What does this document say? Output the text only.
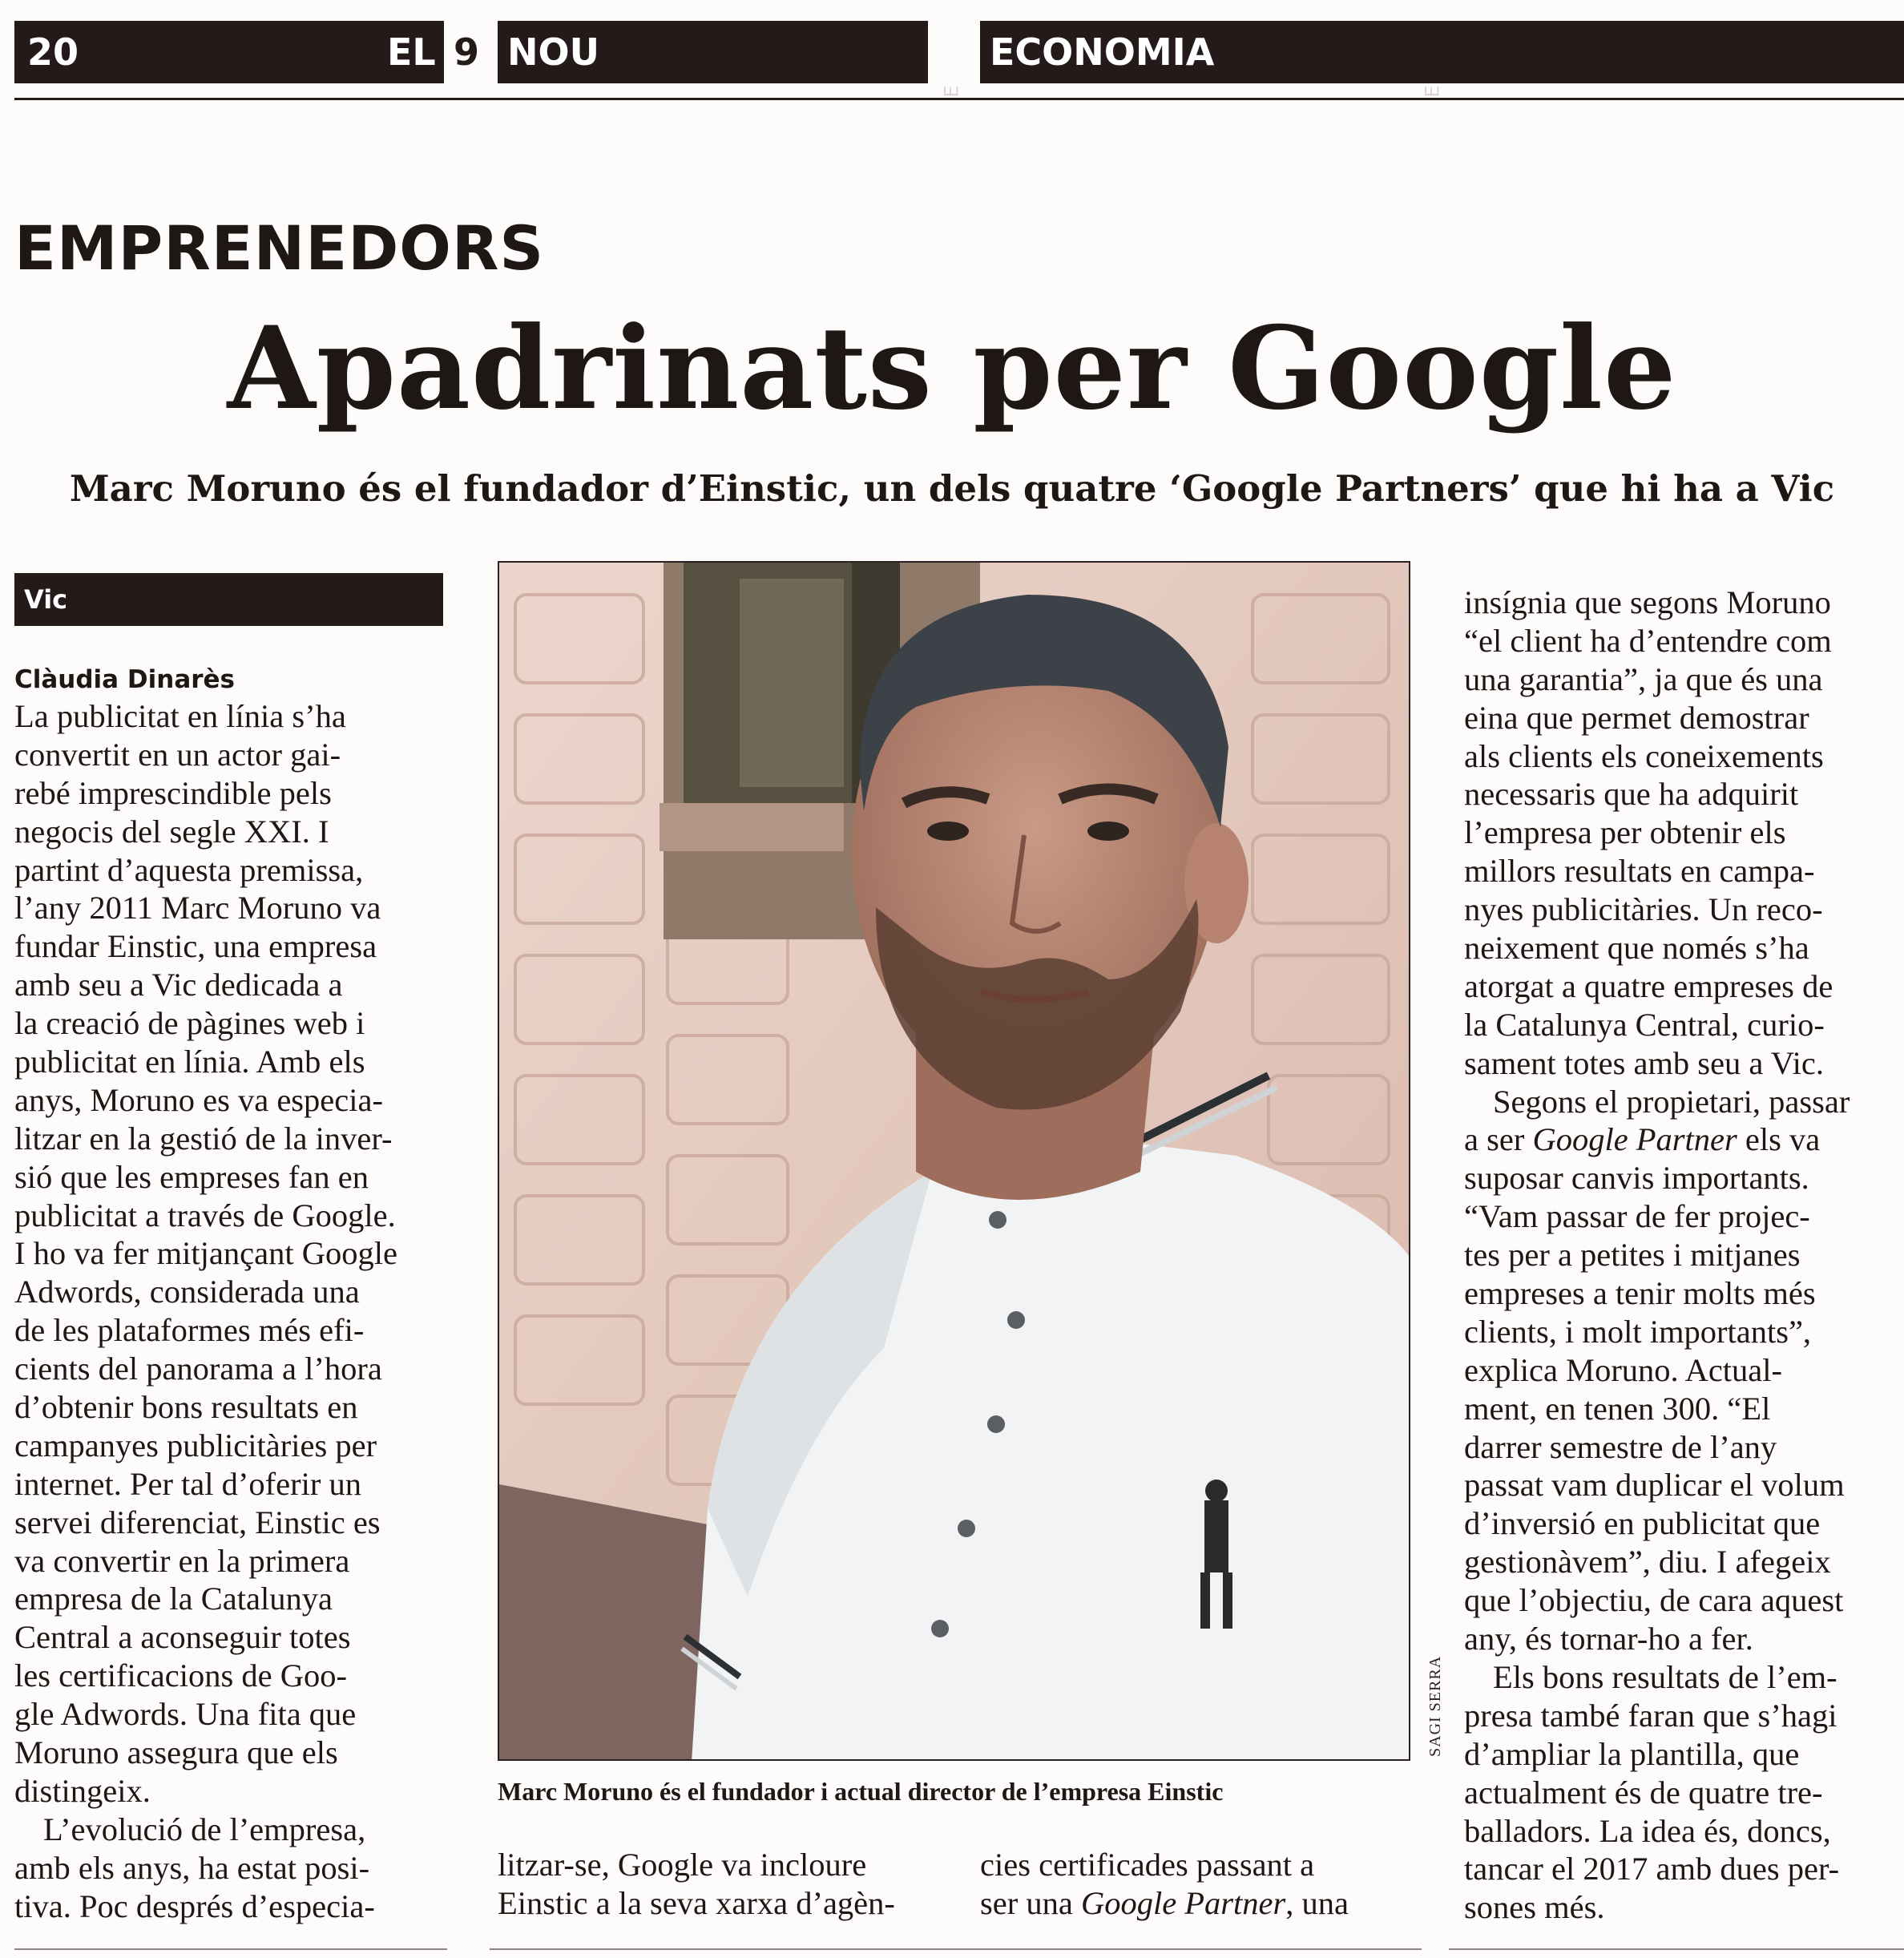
20	EL 9 NOU	ECONOMIA
E	E
EMPRENEDORS
Apadrinats per Google
Marc Moruno és el fundador d’Einstic, un dels quatre ‘Google Partners’ que hi ha a Vic
Vic
Clàudia Dinarès
La publicitat en línia s’ha
convertit en un actor gai-
rebé imprescindible pels
negocis del segle XXI. I
partint d’aquesta premissa,
l’any 2011 Marc Moruno va
fundar Einstic, una empresa
amb seu a Vic dedicada a
la creació de pàgines web i
publicitat en línia. Amb els
anys, Moruno es va especia-
litzar en la gestió de la inver-
sió que les empreses fan en
publicitat a través de Google.
I ho va fer mitjançant Google
Adwords, considerada una
de les plataformes més efi-
cients del panorama a l’hora
d’obtenir bons resultats en
campanyes publicitàries per
internet. Per tal d’oferir un
servei diferenciat, Einstic es
va convertir en la primera
empresa de la Catalunya
Central a aconseguir totes
les certificacions de Goo-
gle Adwords. Una fita que
Moruno assegura que els
distingeix.
L’evolució de l’empresa,
amb els anys, ha estat posi-
tiva. Poc després d’especia-
SAGI SERRA
Marc Moruno és el fundador i actual director de l’empresa Einstic
litzar-se, Google va incloure
Einstic a la seva xarxa d’agèn-
cies certificades passant a
ser una Google Partner, una
insígnia que segons Moruno
“el client ha d’entendre com
una garantia”, ja que és una
eina que permet demostrar
als clients els coneixements
necessaris que ha adquirit
l’empresa per obtenir els
millors resultats en campa-
nyes publicitàries. Un reco-
neixement que només s’ha
atorgat a quatre empreses de
la Catalunya Central, curio-
sament totes amb seu a Vic.
Segons el propietari, passar
a ser Google Partner els va
suposar canvis importants.
“Vam passar de fer projec-
tes per a petites i mitjanes
empreses a tenir molts més
clients, i molt importants”,
explica Moruno. Actual-
ment, en tenen 300. “El
darrer semestre de l’any
passat vam duplicar el volum
d’inversió en publicitat que
gestionàvem”, diu. I afegeix
que l’objectiu, de cara aquest
any, és tornar-ho a fer.
Els bons resultats de l’em-
presa també faran que s’hagi
d’ampliar la plantilla, que
actualment és de quatre tre-
balladors. La idea és, doncs,
tancar el 2017 amb dues per-
sones més.
